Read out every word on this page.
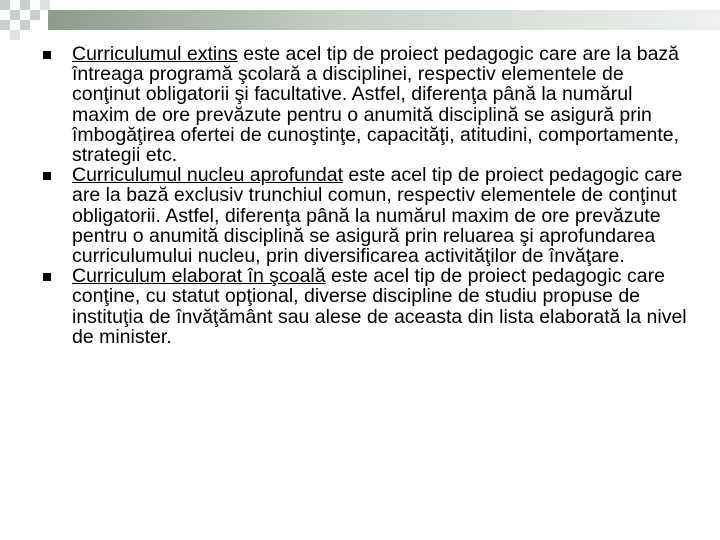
Curriculumul extins este acel tip de proiect pedagogic care are la bază întreaga programă şcolară a disciplinei, respectiv elementele de conţinut obligatorii şi facultative. Astfel, diferenţa până la numărul maxim de ore prevăzute pentru o anumită disciplină se asigură prin îmbogăţirea ofertei de cunoştinţe, capacităţi, atitudini, comportamente, strategii etc.
Curriculumul nucleu aprofundat este acel tip de proiect pedagogic care are la bază exclusiv trunchiul comun, respectiv elementele de conţinut obligatorii. Astfel, diferenţa până la numărul maxim de ore prevăzute pentru o anumită disciplină se asigură prin reluarea şi aprofundarea curriculumului nucleu, prin diversificarea activităţilor de învăţare.
Curriculum elaborat în şcoală este acel tip de proiect pedagogic care conţine, cu statut opţional, diverse discipline de studiu propuse de instituţia de învăţământ sau alese de aceasta din lista elaborată la nivel de minister.
